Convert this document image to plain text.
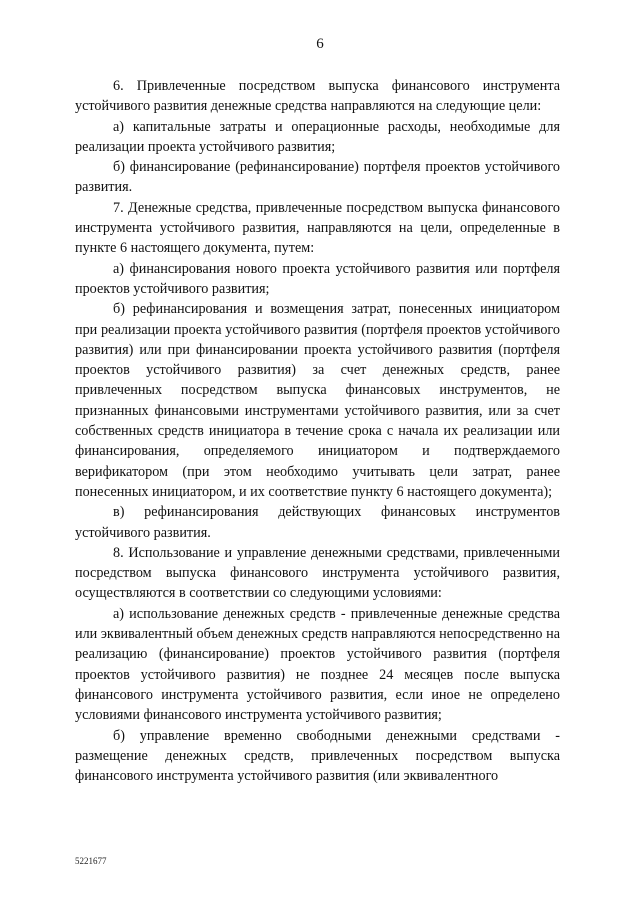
6

6. Привлеченные посредством выпуска финансового инструмента устойчивого развития денежные средства направляются на следующие цели:

а) капитальные затраты и операционные расходы, необходимые для реализации проекта устойчивого развития;

б) финансирование (рефинансирование) портфеля проектов устойчивого развития.

7. Денежные средства, привлеченные посредством выпуска финансового инструмента устойчивого развития, направляются на цели, определенные в пункте 6 настоящего документа, путем:

а) финансирования нового проекта устойчивого развития или портфеля проектов устойчивого развития;

б) рефинансирования и возмещения затрат, понесенных инициатором при реализации проекта устойчивого развития (портфеля проектов устойчивого развития) или при финансировании проекта устойчивого развития (портфеля проектов устойчивого развития) за счет денежных средств, ранее привлеченных посредством выпуска финансовых инструментов, не признанных финансовыми инструментами устойчивого развития, или за счет собственных средств инициатора в течение срока с начала их реализации или финансирования, определяемого инициатором и подтверждаемого верификатором (при этом необходимо учитывать цели затрат, ранее понесенных инициатором, и их соответствие пункту 6 настоящего документа);

в) рефинансирования действующих финансовых инструментов устойчивого развития.

8. Использование и управление денежными средствами, привлеченными посредством выпуска финансового инструмента устойчивого развития, осуществляются в соответствии со следующими условиями:

а) использование денежных средств - привлеченные денежные средства или эквивалентный объем денежных средств направляются непосредственно на реализацию (финансирование) проектов устойчивого развития (портфеля проектов устойчивого развития) не позднее 24 месяцев после выпуска финансового инструмента устойчивого развития, если иное не определено условиями финансового инструмента устойчивого развития;

б) управление временно свободными денежными средствами - размещение денежных средств, привлеченных посредством выпуска финансового инструмента устойчивого развития (или эквивалентного

5221677
